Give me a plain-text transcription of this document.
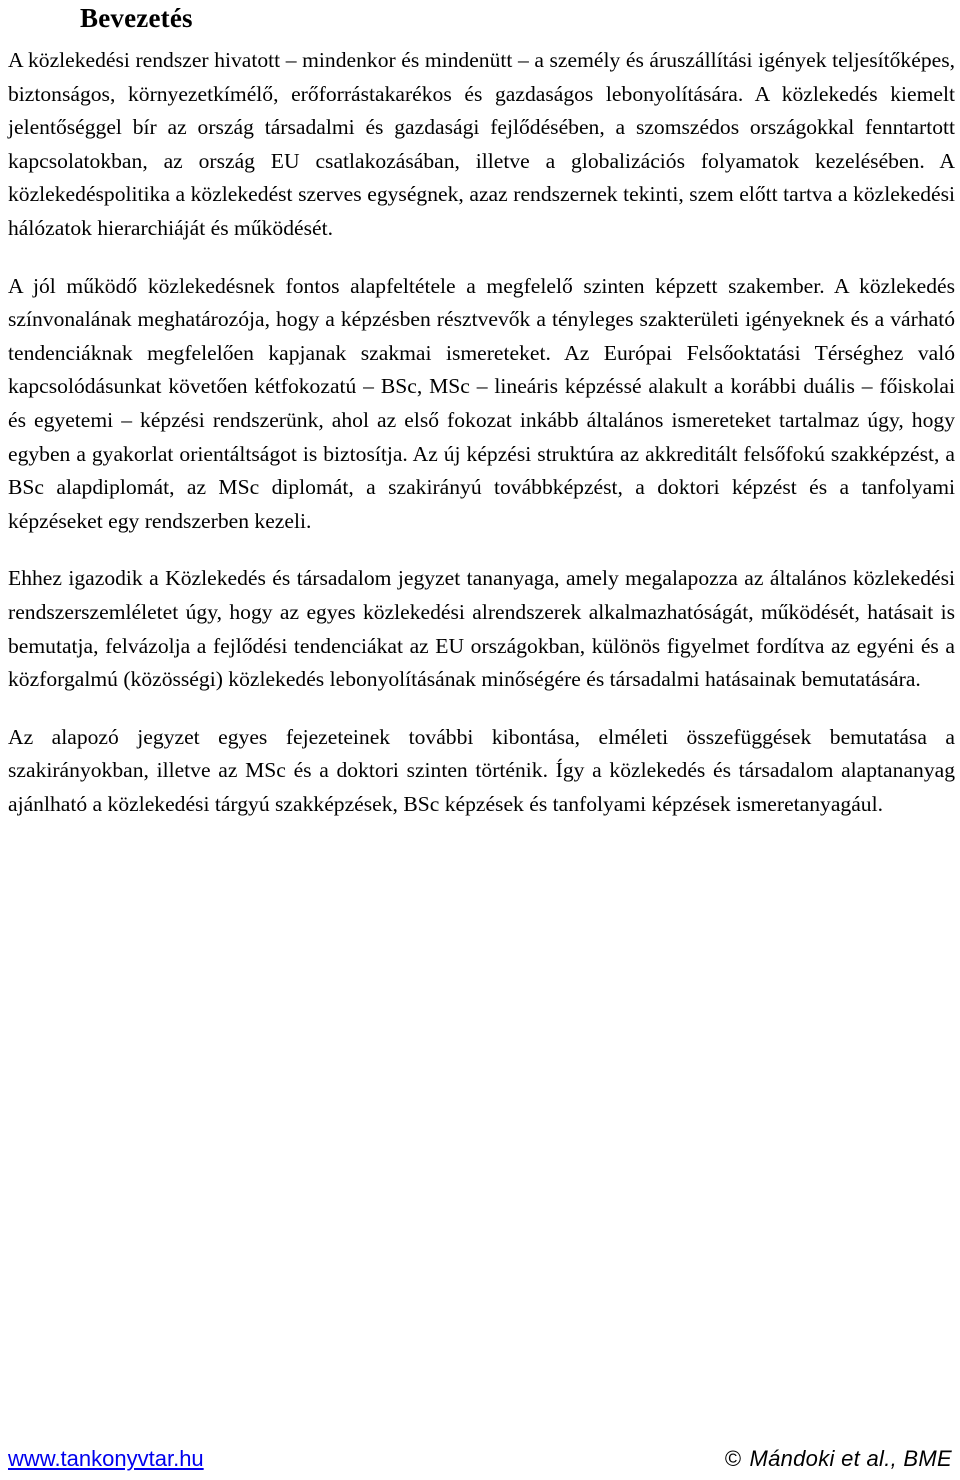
Bevezetés

A közlekedési rendszer hivatott – mindenkor és mindenütt – a személy és áruszállítási igények teljesítőképes, biztonságos, környezetkímélő, erőforrástakarékos és gazdaságos lebonyolítására. A közlekedés kiemelt jelentőséggel bír az ország társadalmi és gazdasági fejlődésében, a szomszédos országokkal fenntartott kapcsolatokban, az ország EU csatlakozásában, illetve a globalizációs folyamatok kezelésében. A közlekedéspolitika a közlekedést szerves egységnek, azaz rendszernek tekinti, szem előtt tartva a közlekedési hálózatok hierarchiáját és működését.

A jól működő közlekedésnek fontos alapfeltétele a megfelelő szinten képzett szakember. A közlekedés színvonalának meghatározója, hogy a képzésben résztvevők a tényleges szakterületi igényeknek és a várható tendenciáknak megfelelően kapjanak szakmai ismereteket. Az Európai Felsőoktatási Térséghez való kapcsolódásunkat követően kétfokozatú – BSc, MSc – lineáris képzéssé alakult a korábbi duális – főiskolai és egyetemi – képzési rendszerünk, ahol az első fokozat inkább általános ismereteket tartalmaz úgy, hogy egyben a gyakorlat orientáltságot is biztosítja. Az új képzési struktúra az akkreditált felsőfokú szakképzést, a BSc alapdiplomát, az MSc diplomát, a szakirányú továbbképzést, a doktori képzést és a tanfolyami képzéseket egy rendszerben kezeli.

Ehhez igazodik a Közlekedés és társadalom jegyzet tananyaga, amely megalapozza az általános közlekedési rendszerszemléletet úgy, hogy az egyes közlekedési alrendszerek alkalmazhatóságát, működését, hatásait is bemutatja, felvázolja a fejlődési tendenciákat az EU országokban, különös figyelmet fordítva az egyéni és a közforgalmú (közösségi) közlekedés lebonyolításának minőségére és társadalmi hatásainak bemutatására.

Az alapozó jegyzet egyes fejezeteinek további kibontása, elméleti összefüggések bemutatása a szakirányokban, illetve az MSc és a doktori szinten történik. Így a közlekedés és társadalom alaptananyag ajánlható a közlekedési tárgyú szakképzések, BSc képzések és tanfolyami képzések ismeretanyagául.

www.tankonyvtar.hu	© Mándoki et al., BME
